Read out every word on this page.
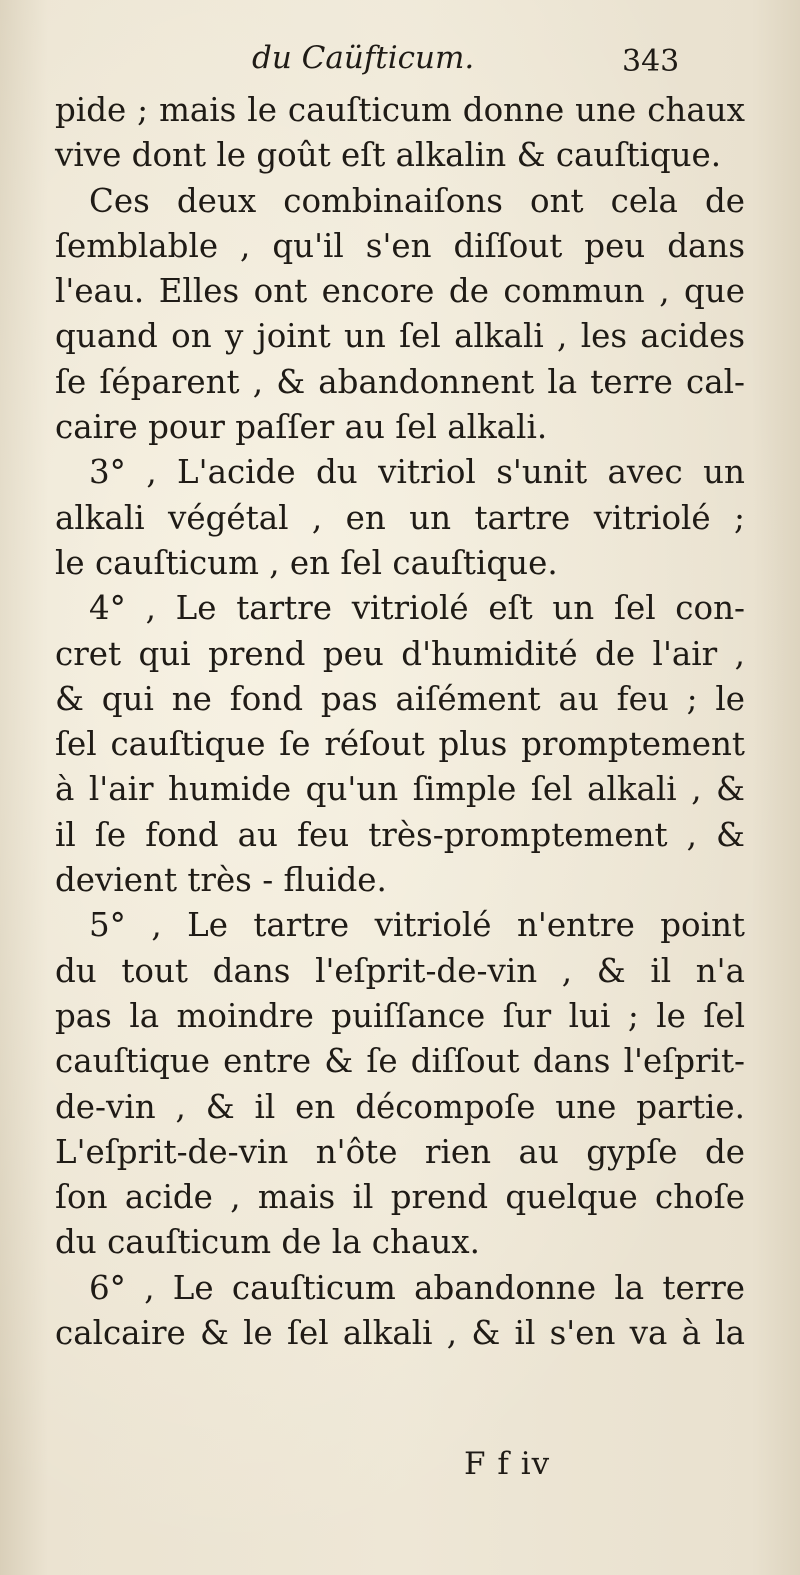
du Caüfticum.	343
pide ; mais le cauſticum donne une chaux
vive dont le goût eſt alkalin & cauſtique.
Ces deux combinaiſons ont cela de
ſemblable , qu'il s'en diſſout peu dans
l'eau. Elles ont encore de commun , que
quand on y joint un ſel alkali , les acides
ſe ſéparent , & abandonnent la terre cal-
caire pour paſſer au ſel alkali.
3° , L'acide du vitriol s'unit avec un
alkali végétal , en un tartre vitriolé ;
le cauſticum , en ſel cauſtique.
4° , Le tartre vitriolé eſt un ſel con-
cret qui prend peu d'humidité de l'air ,
& qui ne fond pas aiſément au feu ; le
ſel cauſtique ſe réſout plus promptement
à l'air humide qu'un ſimple ſel alkali , &
il ſe fond au feu très-promptement , &
devient très - fluide.
5° , Le tartre vitriolé n'entre point
du tout dans l'eſprit-de-vin , & il n'a
pas la moindre puiſſance ſur lui ; le ſel
cauſtique entre & ſe diſſout dans l'eſprit-
de-vin , & il en décompoſe une partie.
L'eſprit-de-vin n'ôte rien au gypſe de
ſon acide , mais il prend quelque choſe
du cauſticum de la chaux.
6° , Le cauſticum abandonne la terre
calcaire & le ſel alkali , & il s'en va à la
F f iv
